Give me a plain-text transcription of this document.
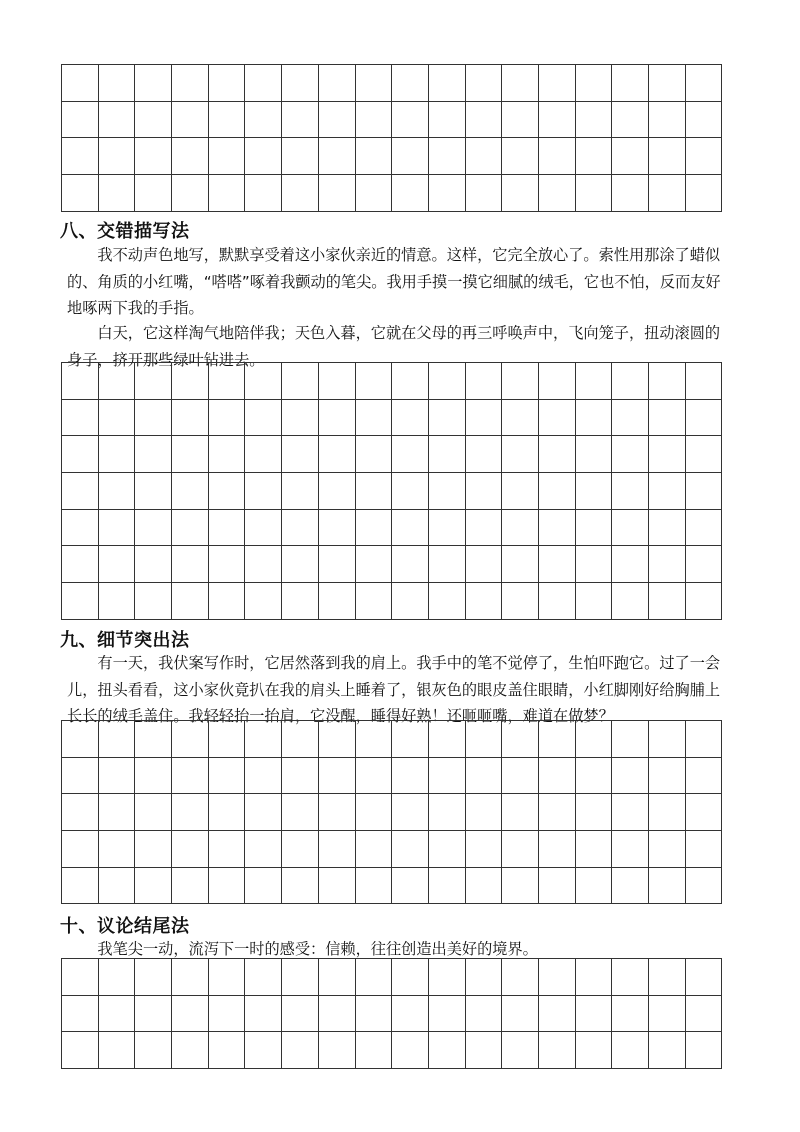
八、交错描写法

我不动声色地写，默默享受着这小家伙亲近的情意。这样，它完全放心了。索性用那涂了蜡似的、角质的小红嘴，“嗒嗒”啄着我颤动的笔尖。我用手摸一摸它细腻的绒毛，它也不怕，反而友好地啄两下我的手指。

白天，它这样淘气地陪伴我；天色入暮，它就在父母的再三呼唤声中，飞向笼子，扭动滚圆的身子，挤开那些绿叶钻进去。

九、细节突出法

有一天，我伏案写作时，它居然落到我的肩上。我手中的笔不觉停了，生怕吓跑它。过了一会儿，扭头看看，这小家伙竟扒在我的肩头上睡着了，银灰色的眼皮盖住眼睛，小红脚刚好给胸脯上长长的绒毛盖住。我轻轻抬一抬肩，它没醒，睡得好熟！还咂咂嘴，难道在做梦？

十、议论结尾法

我笔尖一动，流泻下一时的感受：信赖，往往创造出美好的境界。
